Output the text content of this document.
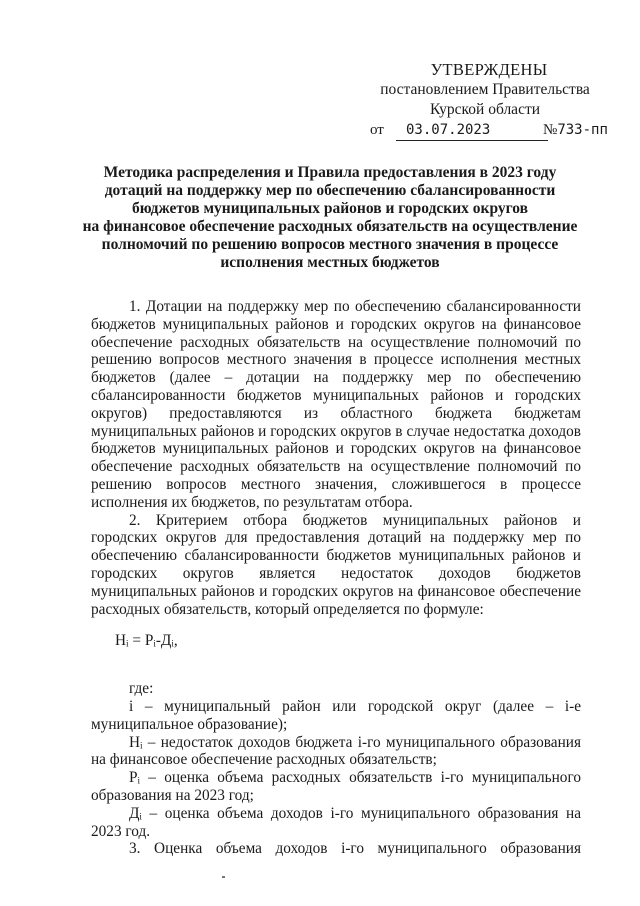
УТВЕРЖДЕНЫ
постановлением Правительства
Курской области
от	03.07.2023	№733-пп
Методика распределения и Правила предоставления в 2023 году
дотаций на поддержку мер по обеспечению сбалансированности
бюджетов муниципальных районов и городских округов
на финансовое обеспечение расходных обязательств на осуществление
полномочий по решению вопросов местного значения в процессе
исполнения местных бюджетов

1. Дотации на поддержку мер по обеспечению сбалансированности бюджетов муниципальных районов и городских округов на финансовое обеспечение расходных обязательств на осуществление полномочий по решению вопросов местного значения в процессе исполнения местных бюджетов (далее – дотации на поддержку мер по обеспечению сбалансированности бюджетов муниципальных районов и городских округов) предоставляются из областного бюджета бюджетам муниципальных районов и городских округов в случае недостатка доходов бюджетов муниципальных районов и городских округов на финансовое обеспечение расходных обязательств на осуществление полномочий по решению вопросов местного значения, сложившегося в процессе исполнения их бюджетов, по результатам отбора.

2. Критерием отбора бюджетов муниципальных районов и городских округов для предоставления дотаций на поддержку мер по обеспечению сбалансированности бюджетов муниципальных районов и городских округов является недостаток доходов бюджетов муниципальных районов и городских округов на финансовое обеспечение расходных обязательств, который определяется по формуле:

Нᵢ = Рᵢ-Дᵢ,

где:

i – муниципальный район или городской округ (далее – i-е муниципальное образование);

Нᵢ – недостаток доходов бюджета i-го муниципального образования на финансовое обеспечение расходных обязательств;

Рᵢ – оценка объема расходных обязательств i-го муниципального образования на 2023 год;

Дᵢ – оценка объема доходов i-го муниципального образования на 2023 год.

3. Оценка объема доходов i-го муниципального образования
